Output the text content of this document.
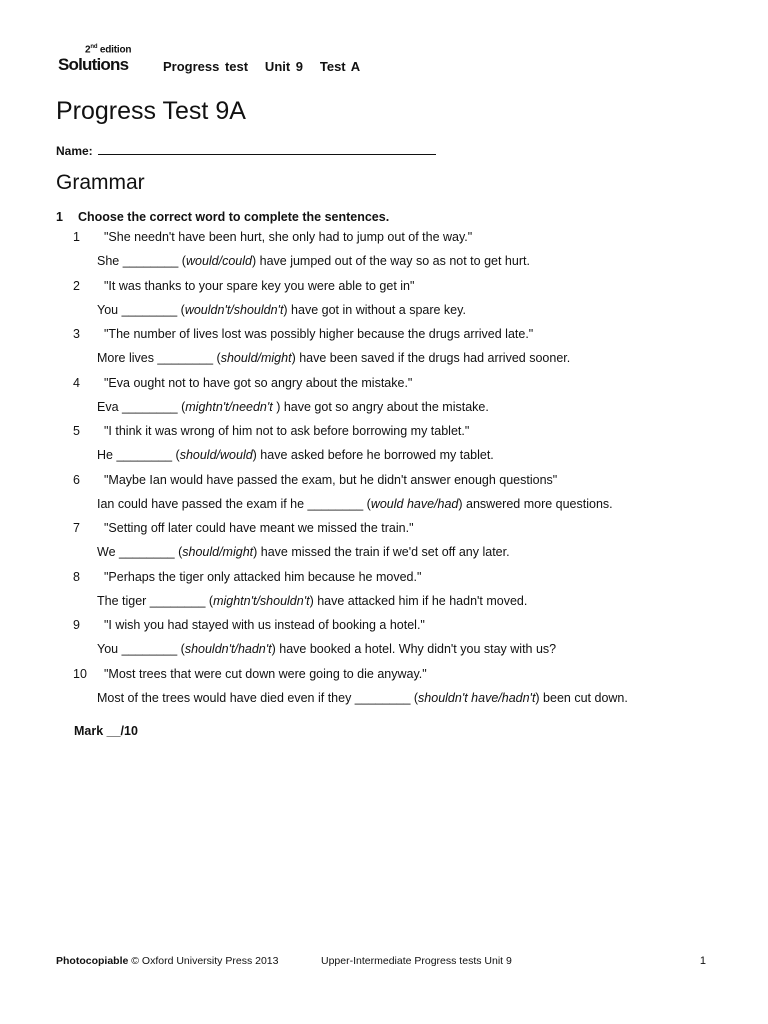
2nd edition
Solutions	Progress test   Unit 9   Test A
Progress Test 9A
Name:
Grammar
1 Choose the correct word to complete the sentences.
1 "She needn't have been hurt, she only had to jump out of the way."
She ________ (would/could) have jumped out of the way so as not to get hurt.
2 "It was thanks to your spare key you were able to get in"
You ________ (wouldn't/shouldn't) have got in without a spare key.
3 "The number of lives lost was possibly higher because the drugs arrived late."
More lives ________ (should/might) have been saved if the drugs had arrived sooner.
4 "Eva ought not to have got so angry about the mistake."
Eva ________ (mightn't/needn't ) have got so angry about the mistake.
5 "I think it was wrong of him not to ask before borrowing my tablet."
He ________ (should/would) have asked before he borrowed my tablet.
6 "Maybe Ian would have passed the exam, but he didn't answer enough questions"
Ian could have passed the exam if he ________ (would have/had) answered more questions.
7 "Setting off later could have meant we missed the train."
We ________ (should/might) have missed the train if we'd set off any later.
8 "Perhaps the tiger only attacked him because he moved."
The tiger ________ (mightn't/shouldn't) have attacked him if he hadn't moved.
9 "I wish you had stayed with us instead of booking a hotel."
You ________ (shouldn't/hadn't) have booked a hotel. Why didn't you stay with us?
10 "Most trees that were cut down were going to die anyway."
Most of the trees would have died even if they ________ (shouldn't have/hadn't) been cut down.
Mark __/10
Photocopiable © Oxford University Press 2013	Upper-Intermediate Progress tests Unit 9	1
